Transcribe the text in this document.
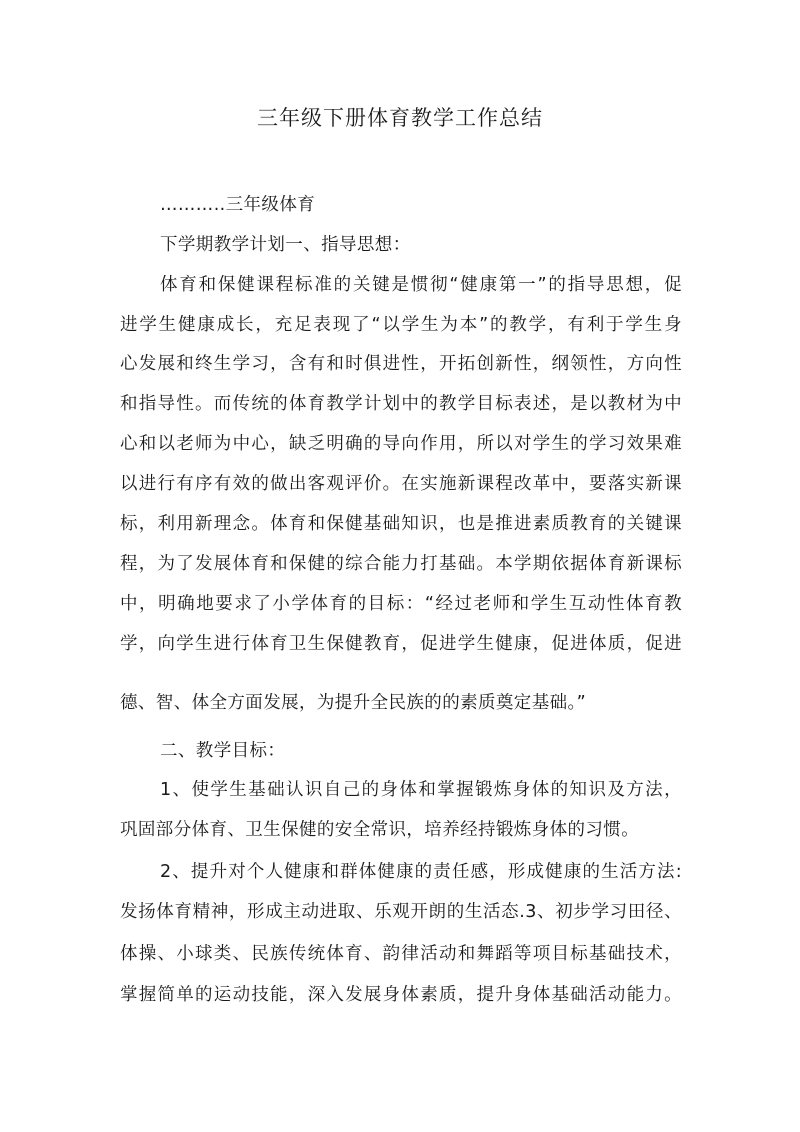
三年级下册体育教学工作总结
………..三年级体育
下学期教学计划一、指导思想：
体育和保健课程标准的关键是惯彻“健康第一”的指导思想，促
进学生健康成长，充足表现了“以学生为本”的教学，有利于学生身
心发展和终生学习，含有和时俱进性，开拓创新性，纲领性，方向性
和指导性。而传统的体育教学计划中的教学目标表述，是以教材为中
心和以老师为中心，缺乏明确的导向作用，所以对学生的学习效果难
以进行有序有效的做出客观评价。在实施新课程改革中，要落实新课
标，利用新理念。体育和保健基础知识，也是推进素质教育的关键课
程，为了发展体育和保健的综合能力打基础。本学期依据体育新课标
中，明确地要求了小学体育的目标：“经过老师和学生互动性体育教
学，向学生进行体育卫生保健教育，促进学生健康，促进体质，促进
德、智、体全方面发展，为提升全民族的的素质奠定基础。”
二、教学目标：
1、使学生基础认识自己的身体和掌握锻炼身体的知识及方法，
巩固部分体育、卫生保健的安全常识，培养经持锻炼身体的习惯。
2、提升对个人健康和群体健康的责任感，形成健康的生活方法:
发扬体育精神，形成主动进取、乐观开朗的生活态.3、初步学习田径、
体操、小球类、民族传统体育、韵律活动和舞蹈等项目标基础技术，
掌握简单的运动技能，深入发展身体素质，提升身体基础活动能力。
